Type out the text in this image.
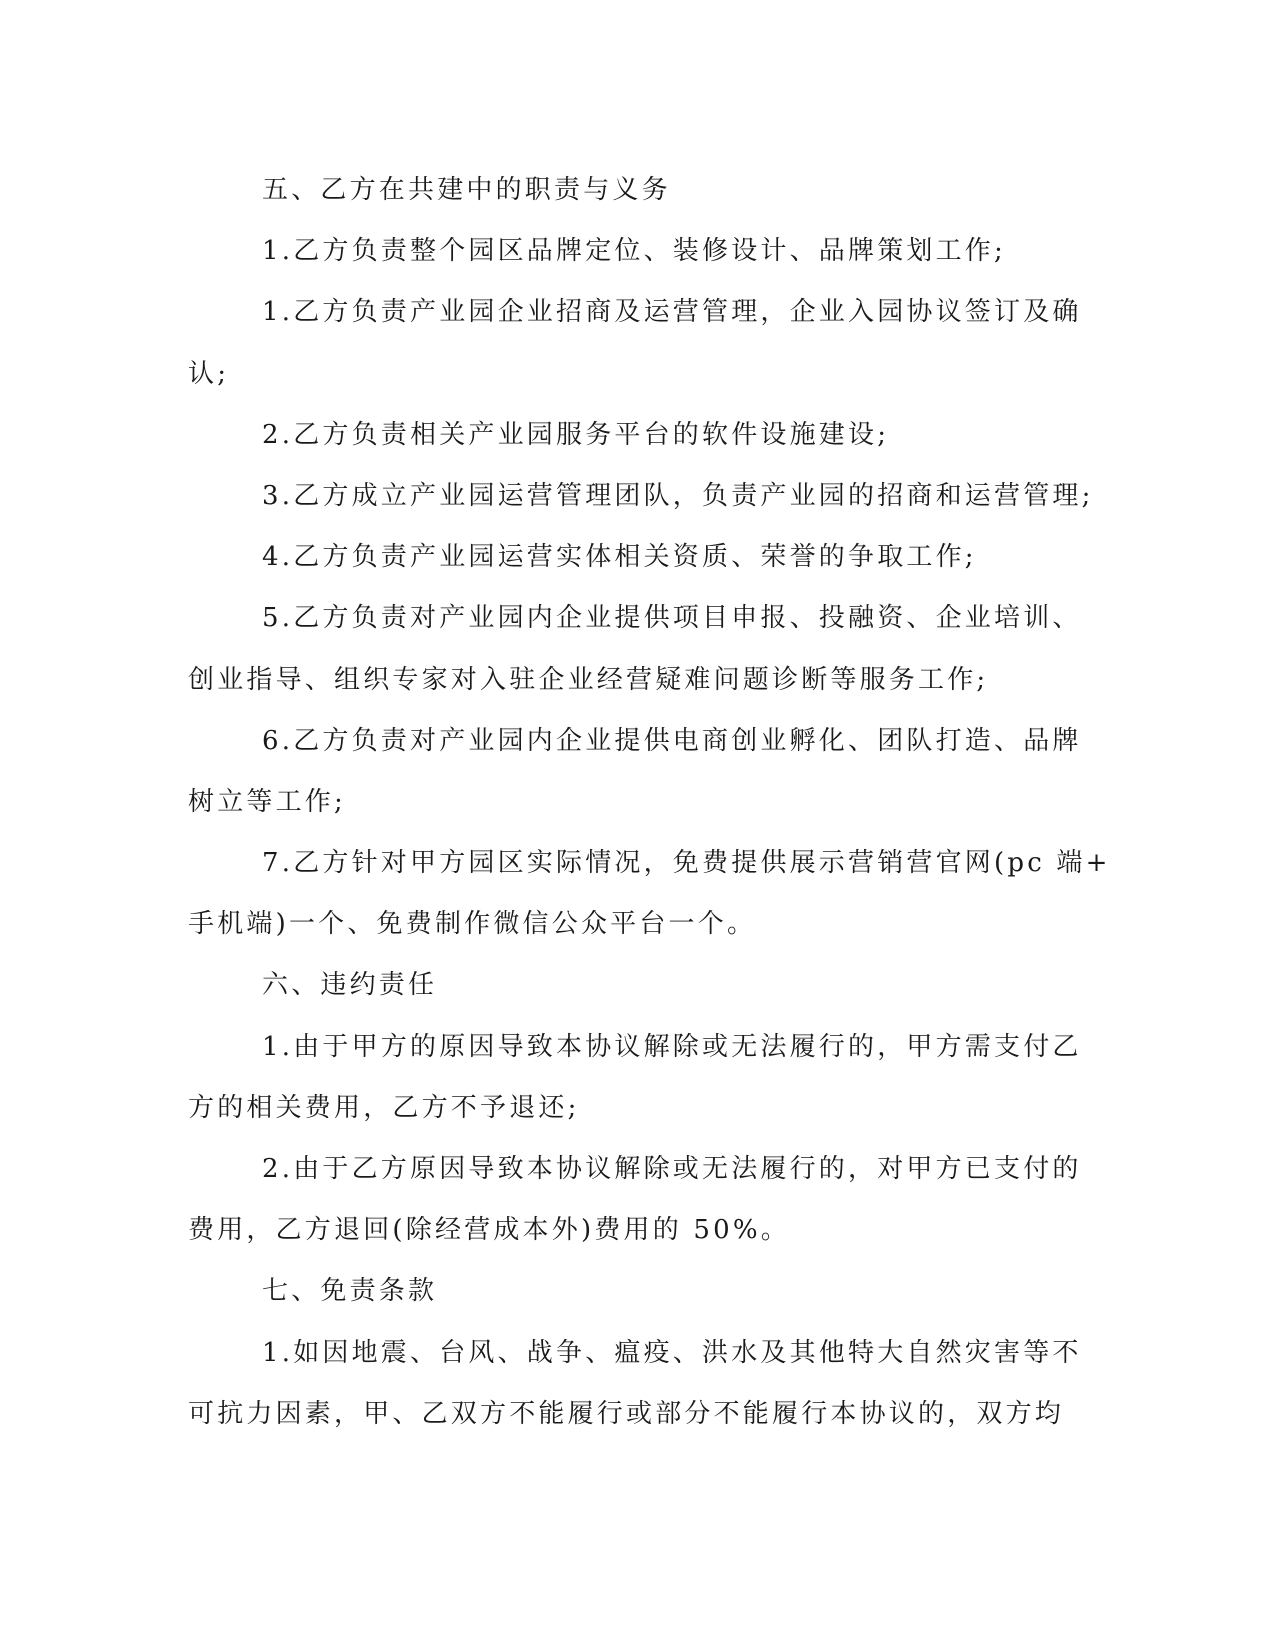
五、乙方在共建中的职责与义务
1.乙方负责整个园区品牌定位、装修设计、品牌策划工作;
1.乙方负责产业园企业招商及运营管理，企业入园协议签订及确
认;
2.乙方负责相关产业园服务平台的软件设施建设;
3.乙方成立产业园运营管理团队，负责产业园的招商和运营管理;
4.乙方负责产业园运营实体相关资质、荣誉的争取工作;
5.乙方负责对产业园内企业提供项目申报、投融资、企业培训、
创业指导、组织专家对入驻企业经营疑难问题诊断等服务工作;
6.乙方负责对产业园内企业提供电商创业孵化、团队打造、品牌
树立等工作;
7.乙方针对甲方园区实际情况，免费提供展示营销营官网(pc 端+
手机端)一个、免费制作微信公众平台一个。
六、违约责任
1.由于甲方的原因导致本协议解除或无法履行的，甲方需支付乙
方的相关费用，乙方不予退还;
2.由于乙方原因导致本协议解除或无法履行的，对甲方已支付的
费用，乙方退回(除经营成本外)费用的 50%。
七、免责条款
1.如因地震、台风、战争、瘟疫、洪水及其他特大自然灾害等不
可抗力因素，甲、乙双方不能履行或部分不能履行本协议的，双方均
